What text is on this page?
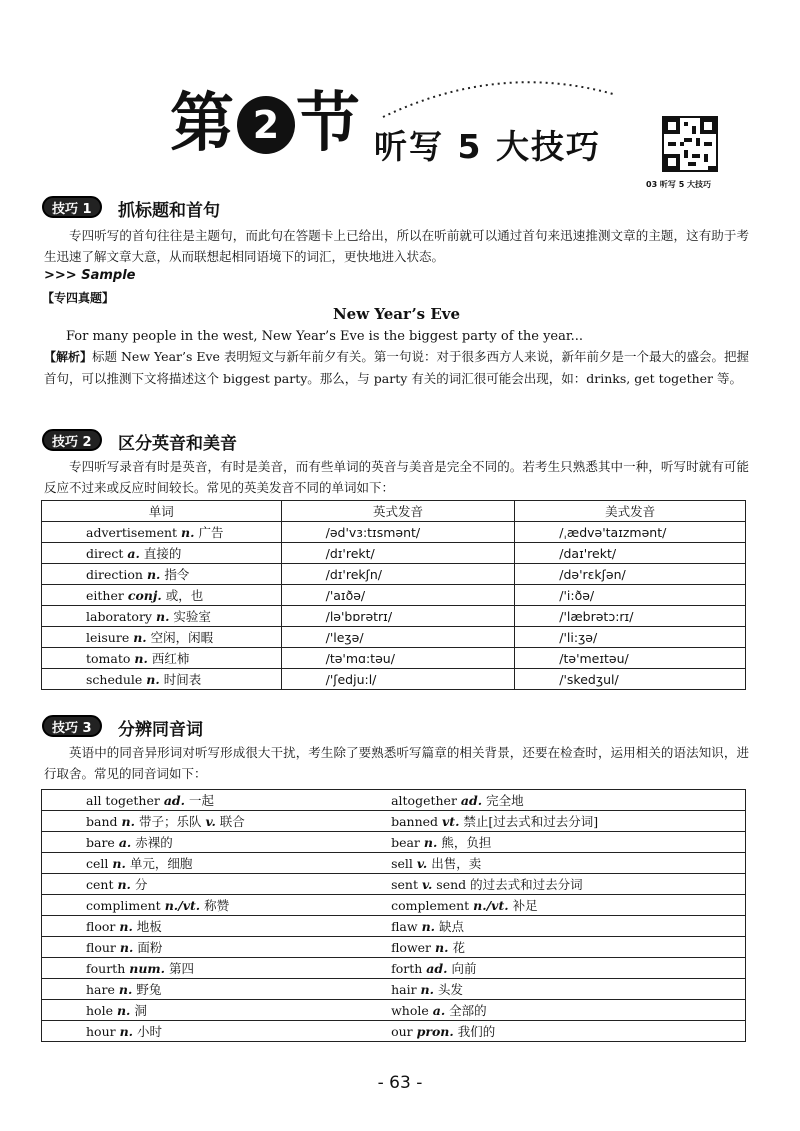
第 2 节 听写 5 大技巧
03 听写 5 大技巧
技巧 1	抓标题和首句
专四听写的首句往往是主题句，而此句在答题卡上已给出，所以在听前就可以通过首句来迅速推测文章的主题，这有助于考生迅速了解文章大意，从而联想起相同语境下的词汇，更快地进入状态。
>>> Sample
【专四真题】
New Year’s Eve
For many people in the west, New Year’s Eve is the biggest party of the year...
【解析】标题 New Year’s Eve 表明短文与新年前夕有关。第一句说：对于很多西方人来说，新年前夕是一个最大的盛会。把握首句，可以推测下文将描述这个 biggest party。那么，与 party 有关的词汇很可能会出现，如：drinks, get together 等。
技巧 2	区分英音和美音
专四听写录音有时是英音，有时是美音，而有些单词的英音与美音是完全不同的。若考生只熟悉其中一种，听写时就有可能反应不过来或反应时间较长。常见的英美发音不同的单词如下：
单词	英式发音	美式发音
advertisement n. 广告	/əd'vɜ:tɪsmənt/	/ˌædvə'taɪzmənt/
direct a. 直接的	/dɪ'rekt/	/daɪ'rekt/
direction n. 指令	/dɪ'rekʃn/	/də'rɛkʃən/
either conj. 或，也	/'aɪðə/	/'i:ðə/
laboratory n. 实验室	/lə'bɒrətrɪ/	/'læbrətɔ:rɪ/
leisure n. 空闲，闲暇	/'leʒə/	/'li:ʒə/
tomato n. 西红柿	/tə'mɑ:təu/	/tə'meɪtəu/
schedule n. 时间表	/'ʃedju:l/	/'skedʒul/
技巧 3	分辨同音词
英语中的同音异形词对听写形成很大干扰，考生除了要熟悉听写篇章的相关背景，还要在检查时，运用相关的语法知识，进行取舍。常见的同音词如下：
all together ad. 一起	altogether ad. 完全地
band n. 带子；乐队 v. 联合	banned vt. 禁止[过去式和过去分词]
bare a. 赤裸的	bear n. 熊，负担
cell n. 单元，细胞	sell v. 出售，卖
cent n. 分	sent v. send 的过去式和过去分词
compliment n./vt. 称赞	complement n./vt. 补足
floor n. 地板	flaw n. 缺点
flour n. 面粉	flower n. 花
fourth num. 第四	forth ad. 向前
hare n. 野兔	hair n. 头发
hole n. 洞	whole a. 全部的
hour n. 小时	our pron. 我们的
- 63 -
